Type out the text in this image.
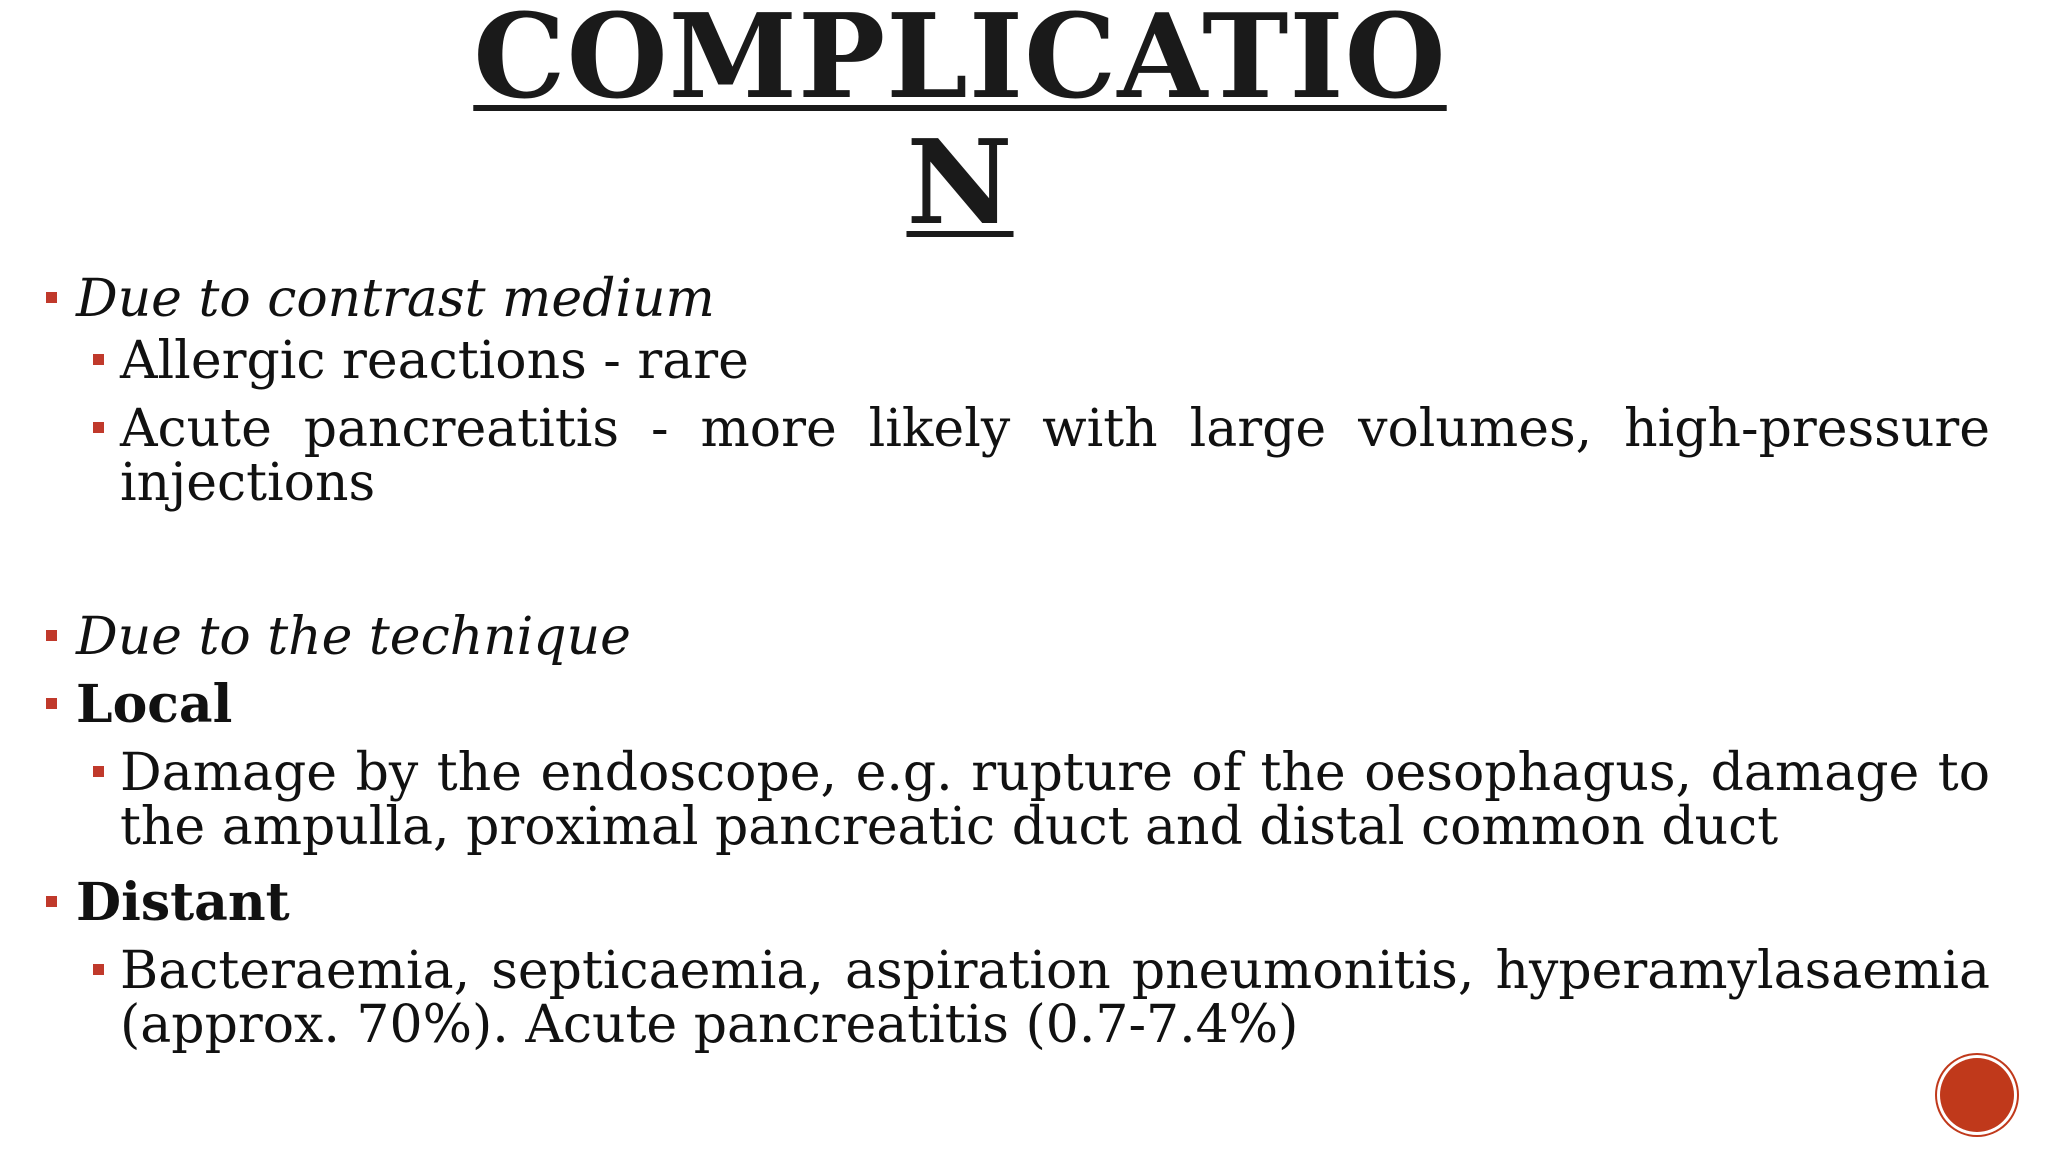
COMPLICATION
Due to contrast medium
Allergic reactions - rare
Acute pancreatitis - more likely with large volumes, high-pressure injections
Due to the technique
Local
Damage by the endoscope, e.g. rupture of the oesophagus, damage to the ampulla, proximal pancreatic duct and distal common duct
Distant
Bacteraemia, septicaemia, aspiration pneumonitis, hyperamylasaemia (approx. 70%). Acute pancreatitis (0.7-7.4%)
